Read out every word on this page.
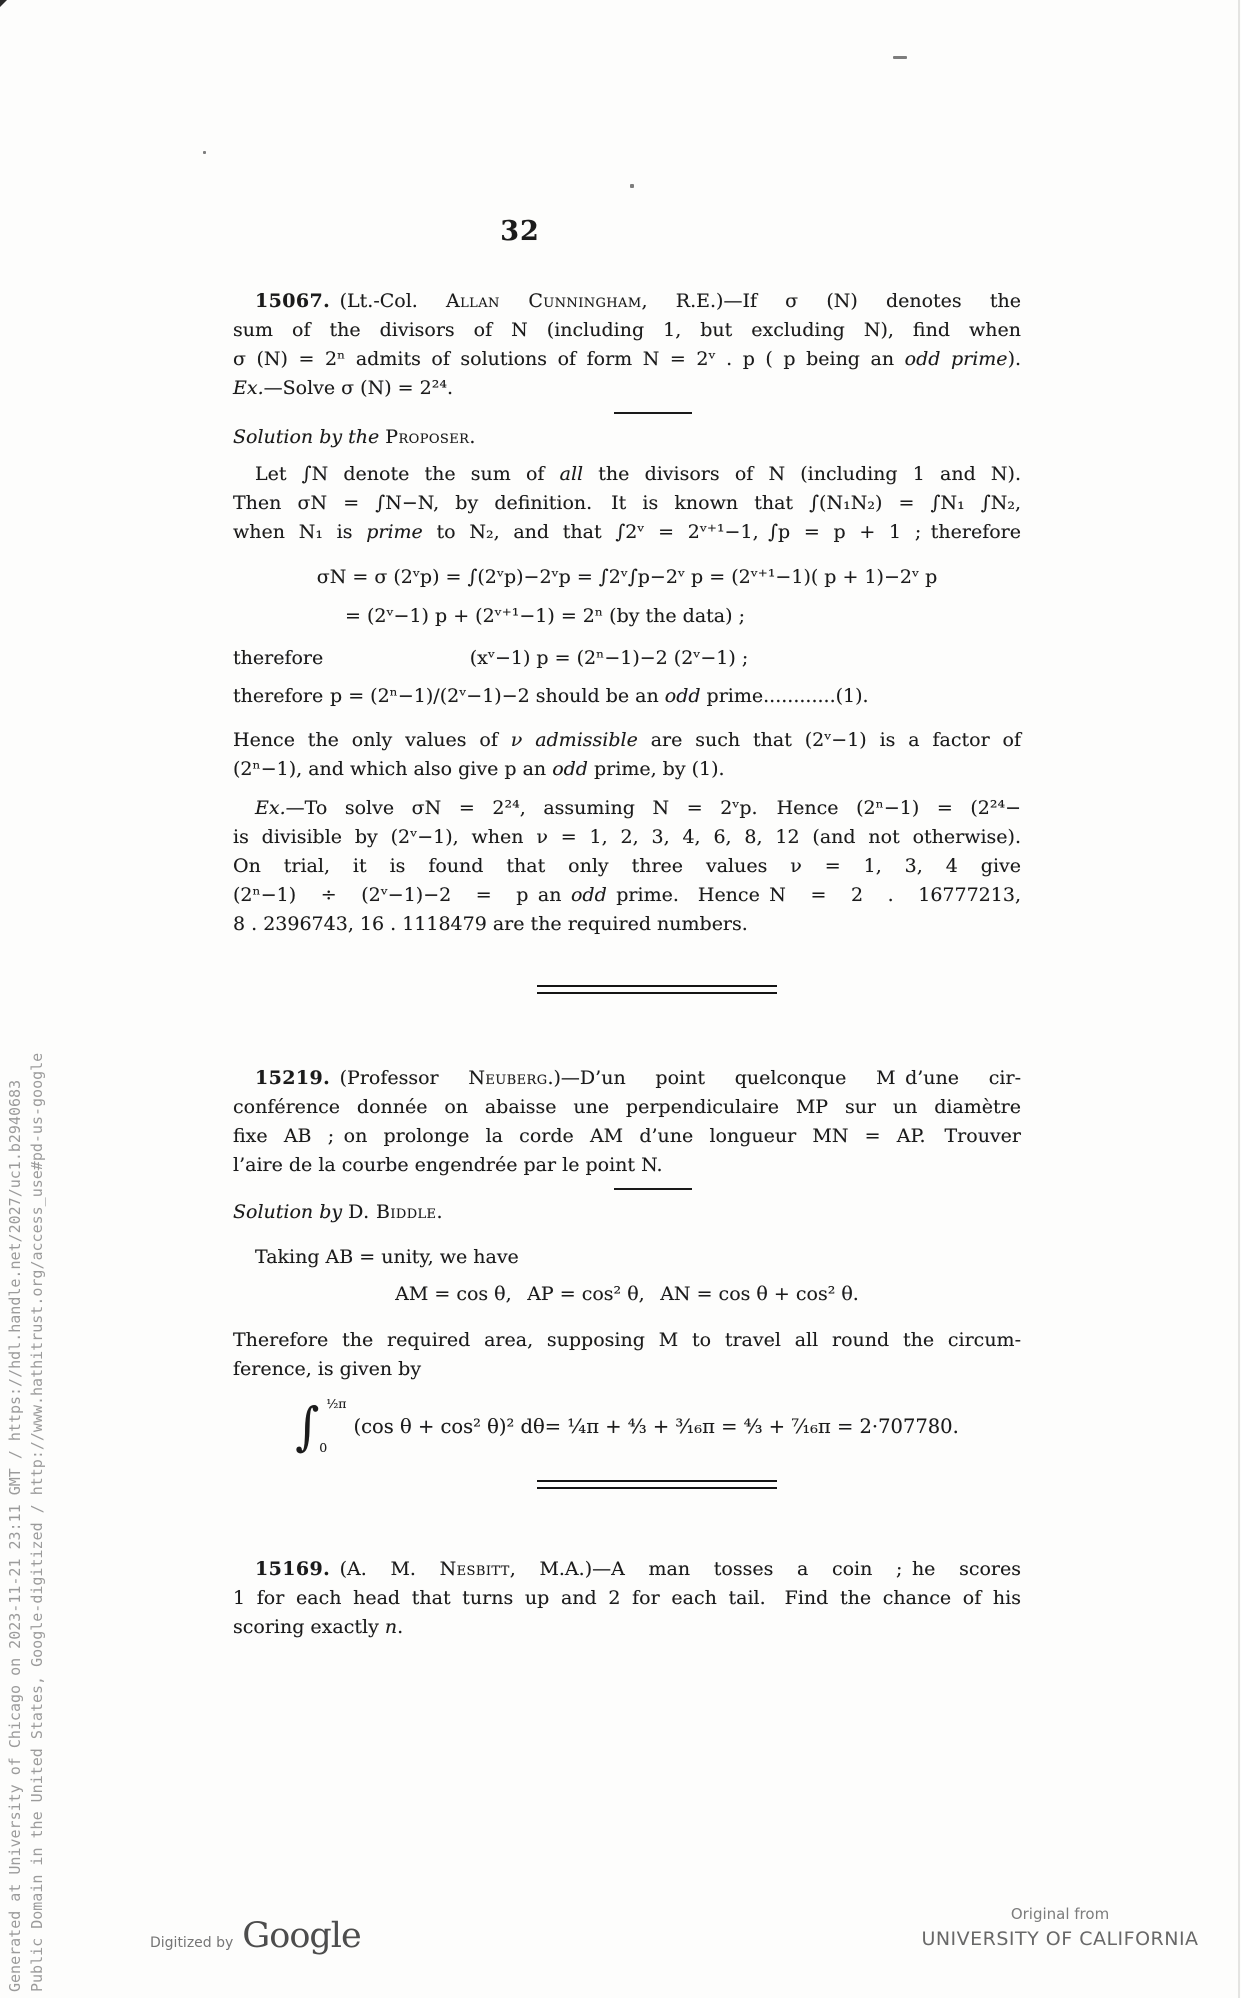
Generated at University of Chicago on 2023-11-21 23:11 GMT / https://hdl.handle.net/2027/uc1.b2940683 Public Domain in the United States, Google-digitized / http://www.hathitrust.org/access_use#pd-us-google
32
15067. (Lt.-Col. Allan Cunningham, R.E.)—If σ (N) denotes the
sum of the divisors of N (including 1, but excluding N), find when
σ (N) = 2ⁿ admits of solutions of form N = 2ᵛ . p ( p being an odd prime).
Ex.—Solve σ (N) = 2²⁴.
Solution by the Proposer.
Let ∫N denote the sum of all the divisors of N (including 1 and N).
Then σN = ∫N−N, by definition. It is known that ∫(N₁N₂) = ∫N₁ ∫N₂,
when N₁ is prime to N₂, and that ∫2ᵛ = 2ᵛ⁺¹−1, ∫p = p + 1 ; therefore
σN = σ (2ᵛp) = ∫(2ᵛp)−2ᵛp = ∫2ᵛ∫p−2ᵛ p = (2ᵛ⁺¹−1)( p + 1)−2ᵛ p
= (2ᵛ−1) p + (2ᵛ⁺¹−1) = 2ⁿ (by the data) ;
therefore	(xᵛ−1) p = (2ⁿ−1)−2 (2ᵛ−1) ;
therefore p = (2ⁿ−1)/(2ᵛ−1)−2 should be an odd prime............(1).
Hence the only values of ν admissible are such that (2ᵛ−1) is a factor of
(2ⁿ−1), and which also give p an odd prime, by (1).
Ex.—To solve σN = 2²⁴, assuming N = 2ᵛp. Hence (2ⁿ−1) = (2²⁴−
is divisible by (2ᵛ−1), when ν = 1, 2, 3, 4, 6, 8, 12 (and not otherwise).
On trial, it is found that only three values ν = 1, 3, 4 give
(2ⁿ−1) ÷ (2ᵛ−1)−2 = p an odd prime. Hence N = 2 . 16777213,
8 . 2396743, 16 . 1118479 are the required numbers.
15219. (Professor Neuberg.)—D’un point quelconque M d’une cir-
conférence donnée on abaisse une perpendiculaire MP sur un diamètre
fixe AB ; on prolonge la corde AM d’une longueur MN = AP. Trouver
l’aire de la courbe engendrée par le point N.
Solution by D. Biddle.
Taking AB = unity, we have
AM = cos θ,  AP = cos² θ,  AN = cos θ + cos² θ.
Therefore the required area, supposing M to travel all round the circum-
ference, is given by
∫ ½π
0
(cos θ + cos² θ)² dθ = ¼π + ⁴⁄₃ + ³⁄₁₆π = ⁴⁄₃ + ⁷⁄₁₆π = 2·707780.
15169. (A. M. Nesbitt, M.A.)—A man tosses a coin ; he scores
1 for each head that turns up and 2 for each tail. Find the chance of his
scoring exactly n.
Digitized by Google
Original from
UNIVERSITY OF CALIFORNIA
